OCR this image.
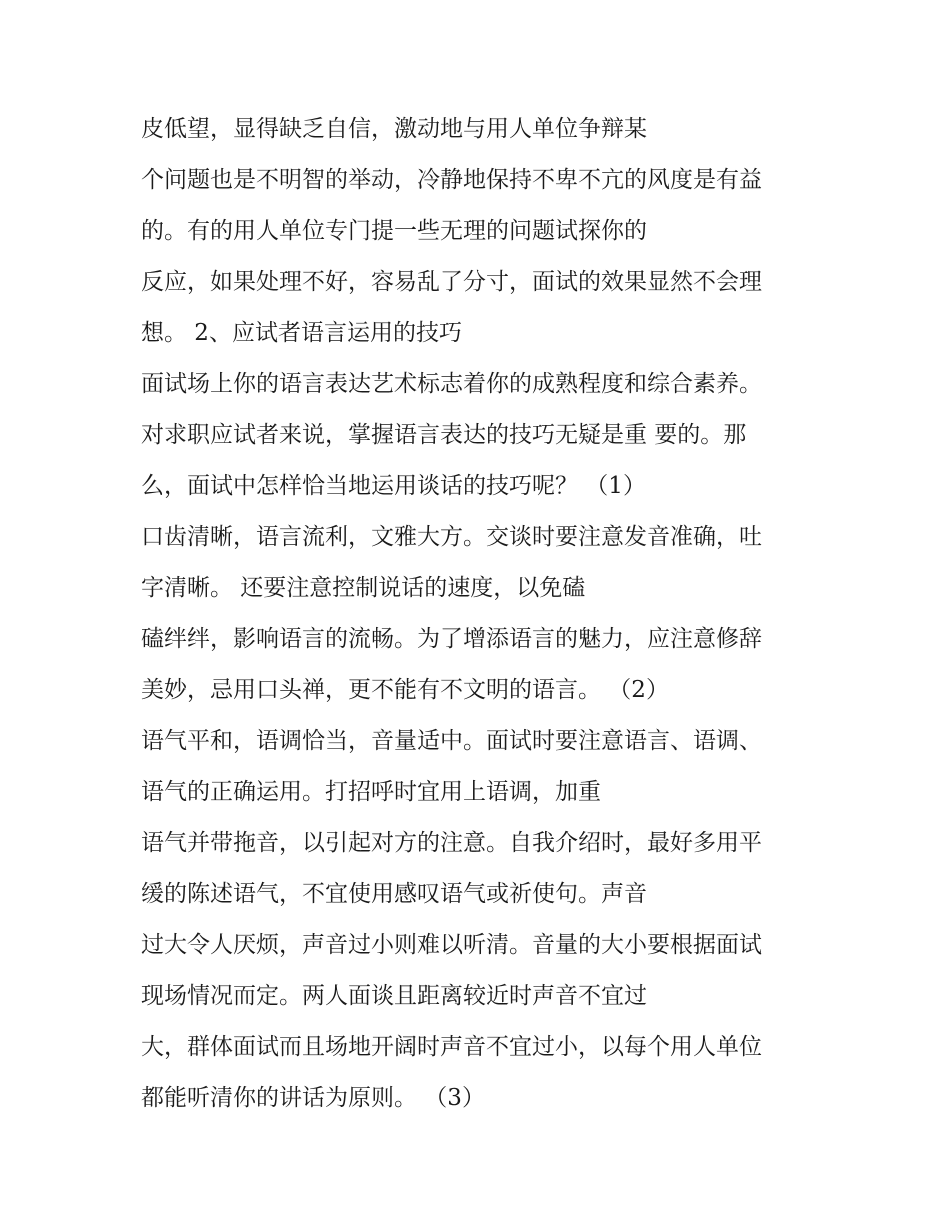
皮低望，显得缺乏自信，激动地与用人单位争辩某
个问题也是不明智的举动，冷静地保持不卑不亢的风度是有益
的。有的用人单位专门提一些无理的问题试探你的
反应，如果处理不好，容易乱了分寸，面试的效果显然不会理
想。 2、应试者语言运用的技巧
面试场上你的语言表达艺术标志着你的成熟程度和综合素养。
对求职应试者来说，掌握语言表达的技巧无疑是重 要的。那
么，面试中怎样恰当地运用谈话的技巧呢？ （1）
口齿清晰，语言流利，文雅大方。交谈时要注意发音准确，吐
字清晰。 还要注意控制说话的速度，以免磕
磕绊绊，影响语言的流畅。为了增添语言的魅力，应注意修辞
美妙，忌用口头禅，更不能有不文明的语言。 （2）
语气平和，语调恰当，音量适中。面试时要注意语言、语调、
语气的正确运用。打招呼时宜用上语调，加重
语气并带拖音，以引起对方的注意。自我介绍时，最好多用平
缓的陈述语气，不宜使用感叹语气或祈使句。声音
过大令人厌烦，声音过小则难以听清。音量的大小要根据面试
现场情况而定。两人面谈且距离较近时声音不宜过
大，群体面试而且场地开阔时声音不宜过小，以每个用人单位
都能听清你的讲话为原则。 （3）
